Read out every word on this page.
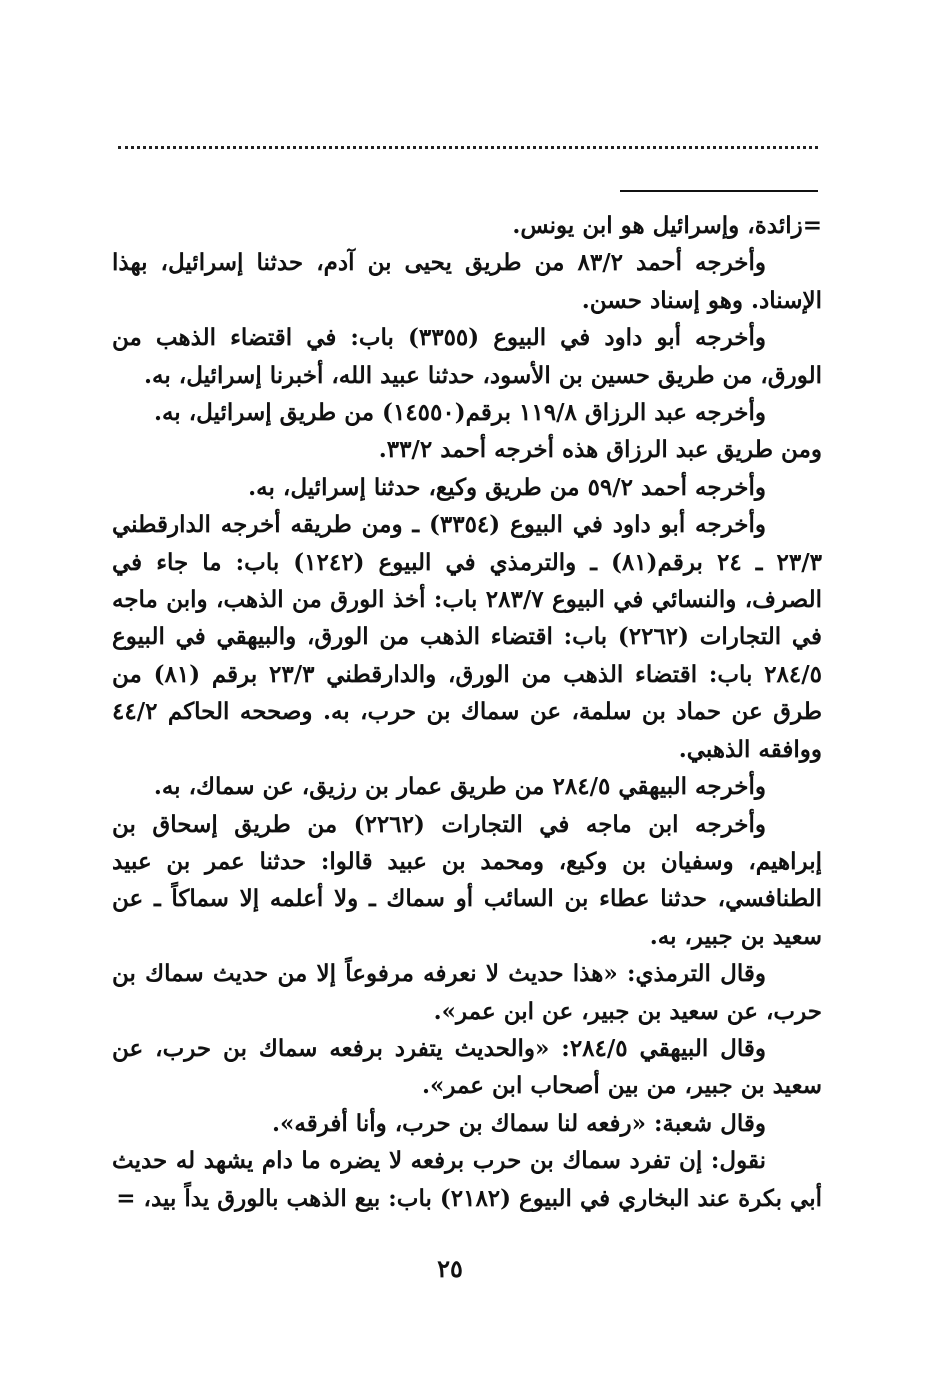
=زائدة، وإسرائيل هو ابن يونس.

وأخرجه أحمد ٨٣/٢ من طريق يحيى بن آدم، حدثنا إسرائيل، بهذا الإسناد. وهو إسناد حسن.

وأخرجه أبو داود في البيوع (٣٣٥٥) باب: في اقتضاء الذهب من الورق، من طريق حسين بن الأسود، حدثنا عبيد الله، أخبرنا إسرائيل، به.

وأخرجه عبد الرزاق ١١٩/٨ برقم(١٤٥٥٠) من طريق إسرائيل، به.

ومن طريق عبد الرزاق هذه أخرجه أحمد ٣٣/٢.

وأخرجه أحمد ٥٩/٢ من طريق وكيع، حدثنا إسرائيل، به.

وأخرجه أبو داود في البيوع (٣٣٥٤) ـ ومن طريقه أخرجه الدارقطني ٢٣/٣ ـ ٢٤ برقم(٨١) ـ والترمذي في البيوع (١٢٤٢) باب: ما جاء في الصرف، والنسائي في البيوع ٢٨٣/٧ باب: أخذ الورق من الذهب، وابن ماجه في التجارات (٢٢٦٢) باب: اقتضاء الذهب من الورق، والبيهقي في البيوع ٢٨٤/٥ باب: اقتضاء الذهب من الورق، والدارقطني ٢٣/٣ برقم (٨١) من طرق عن حماد بن سلمة، عن سماك بن حرب، به. وصححه الحاكم ٤٤/٢ ووافقه الذهبي.

وأخرجه البيهقي ٢٨٤/٥ من طريق عمار بن رزيق، عن سماك، به.

وأخرجه ابن ماجه في التجارات (٢٢٦٢) من طريق إسحاق بن إبراهيم، وسفيان بن وكيع، ومحمد بن عبيد قالوا: حدثنا عمر بن عبيد الطنافسي، حدثنا عطاء بن السائب أو سماك ـ ولا أعلمه إلا سماكاً ـ عن سعيد بن جبير، به.

وقال الترمذي: «هذا حديث لا نعرفه مرفوعاً إلا من حديث سماك بن حرب، عن سعيد بن جبير، عن ابن عمر».

وقال البيهقي ٢٨٤/٥: «والحديث يتفرد برفعه سماك بن حرب، عن سعيد بن جبير، من بين أصحاب ابن عمر».

وقال شعبة: «رفعه لنا سماك بن حرب، وأنا أفرقه».

نقول: إن تفرد سماك بن حرب برفعه لا يضره ما دام يشهد له حديث أبي بكرة عند البخاري في البيوع (٢١٨٢) باب: بيع الذهب بالورق يداً بيد، =

٢٥
